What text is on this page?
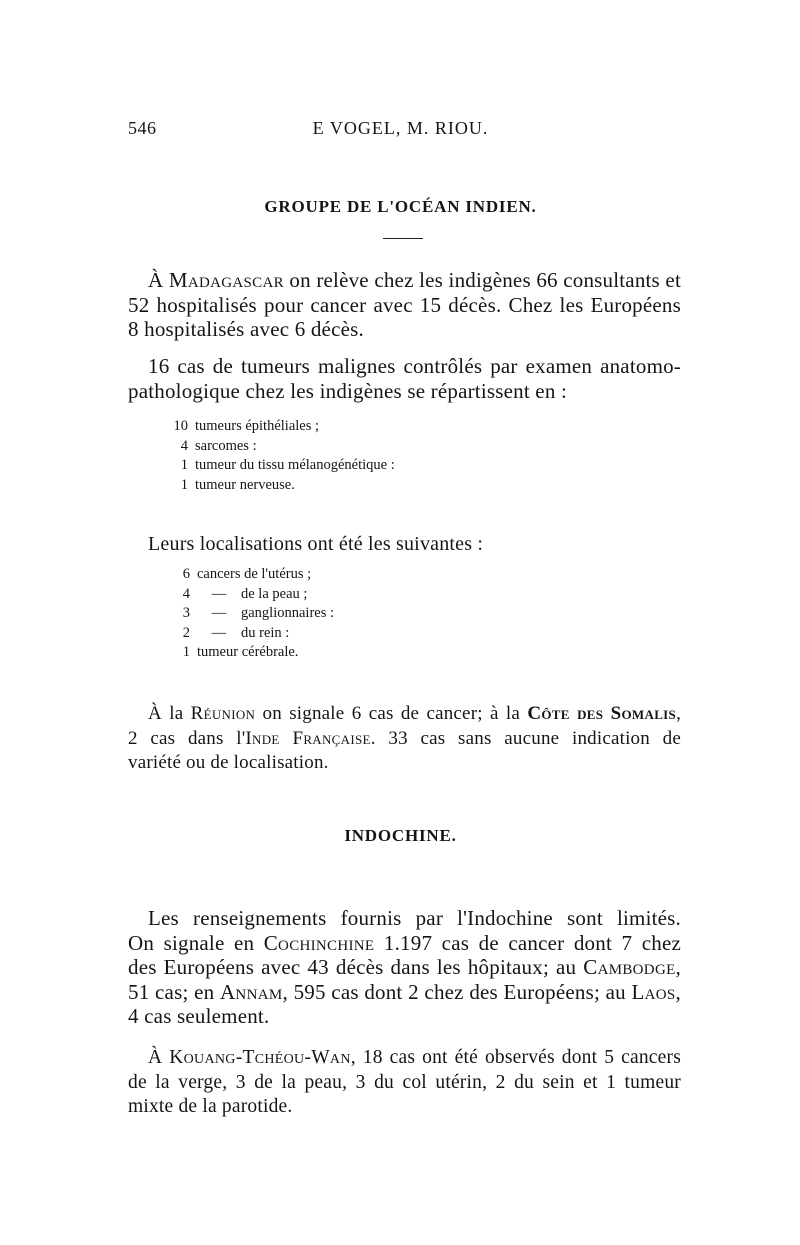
546	E VOGEL, M. RIOU.
GROUPE DE L'OCÉAN INDIEN.
À Madagascar on relève chez les indigènes 66 consultants et
52 hospitalisés pour cancer avec 15 décès. Chez les Européens
8 hospitalisés avec 6 décès.
16 cas de tumeurs malignes contrôlés par examen anatomo-
pathologique chez les indigènes se répartissent en :
10 tumeurs épithéliales ;
4 sarcomes :
1 tumeur du tissu mélanogénétique :
1 tumeur nerveuse.
Leurs localisations ont été les suivantes :
6 cancers de l'utérus ;
4	—	de la peau ;
3	—	ganglionnaires :
2	—	du rein :
1 tumeur cérébrale.
À la Réunion on signale 6 cas de cancer; à la Côte des Somalis,
2 cas dans l'Inde Française. 33 cas sans aucune indication de
variété ou de localisation.
INDOCHINE.
Les renseignements fournis par l'Indochine sont limités.
On signale en Cochinchine 1.197 cas de cancer dont 7 chez
des Européens avec 43 décès dans les hôpitaux; au Cambodge,
51 cas; en Annam, 595 cas dont 2 chez des Européens; au Laos,
4 cas seulement.
À Kouang-Tchéou-Wan, 18 cas ont été observés dont 5 cancers
de la verge, 3 de la peau, 3 du col utérin, 2 du sein et 1 tumeur
mixte de la parotide.
